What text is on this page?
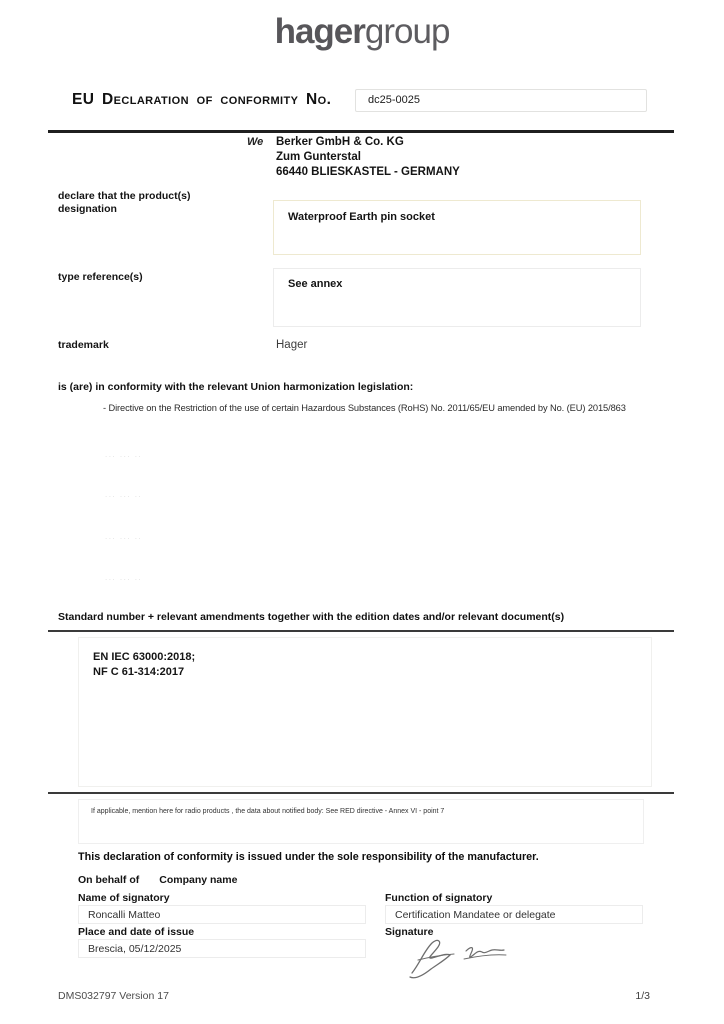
hagergroup
EU Declaration of conformity No.	dc25-0025
We Berker GmbH & Co. KG
Zum Gunterstal
66440 BLIESKASTEL - GERMANY
declare that the product(s)
designation
Waterproof Earth pin socket
type reference(s)
See annex
trademark	Hager
is (are) in conformity with the relevant Union harmonization legislation:
- Directive on the Restriction of the use of certain Hazardous Substances (RoHS) No. 2011/65/EU amended by No. (EU) 2015/863
... ... ..
... ... ..
... ... ..
... ... ..
Standard number + relevant amendments together with the edition dates and/or relevant document(s)
EN IEC 63000:2018;
NF C 61-314:2017
If applicable, mention here for radio products , the data about notified body: See RED directive - Annex VI - point 7
This declaration of conformity is issued under the sole responsibility of the manufacturer.
On behalf of Company name
Name of signatory
Roncalli Matteo
Function of signatory
Certification Mandatee or delegate
Place and date of issue
Brescia, 05/12/2025
Signature
DMS032797 Version 17	1/3
